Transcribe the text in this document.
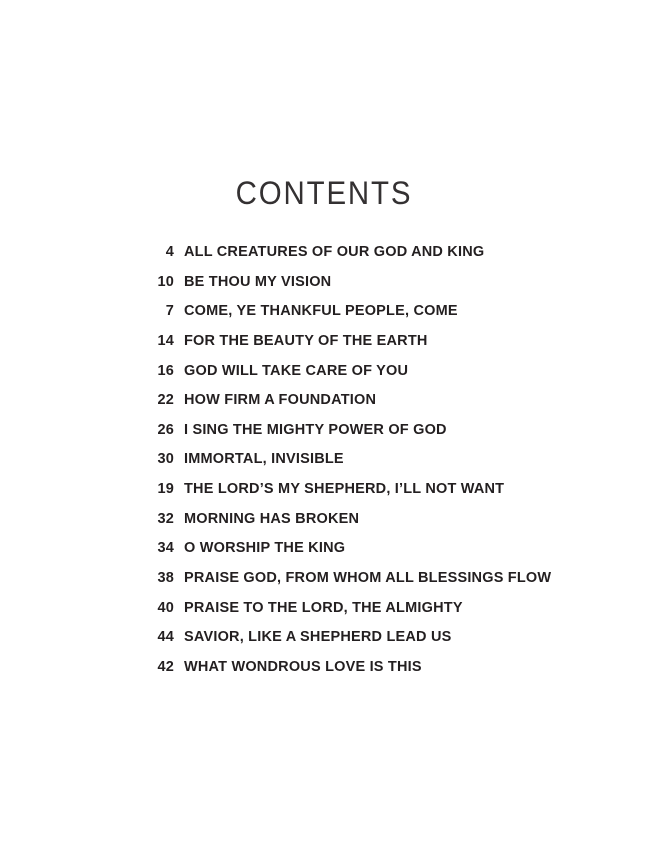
CONTENTS
4 ALL CREATURES OF OUR GOD AND KING
10 BE THOU MY VISION
7 COME, YE THANKFUL PEOPLE, COME
14 FOR THE BEAUTY OF THE EARTH
16 GOD WILL TAKE CARE OF YOU
22 HOW FIRM A FOUNDATION
26 I SING THE MIGHTY POWER OF GOD
30 IMMORTAL, INVISIBLE
19 THE LORD’S MY SHEPHERD, I’LL NOT WANT
32 MORNING HAS BROKEN
34 O WORSHIP THE KING
38 PRAISE GOD, FROM WHOM ALL BLESSINGS FLOW
40 PRAISE TO THE LORD, THE ALMIGHTY
44 SAVIOR, LIKE A SHEPHERD LEAD US
42 WHAT WONDROUS LOVE IS THIS
